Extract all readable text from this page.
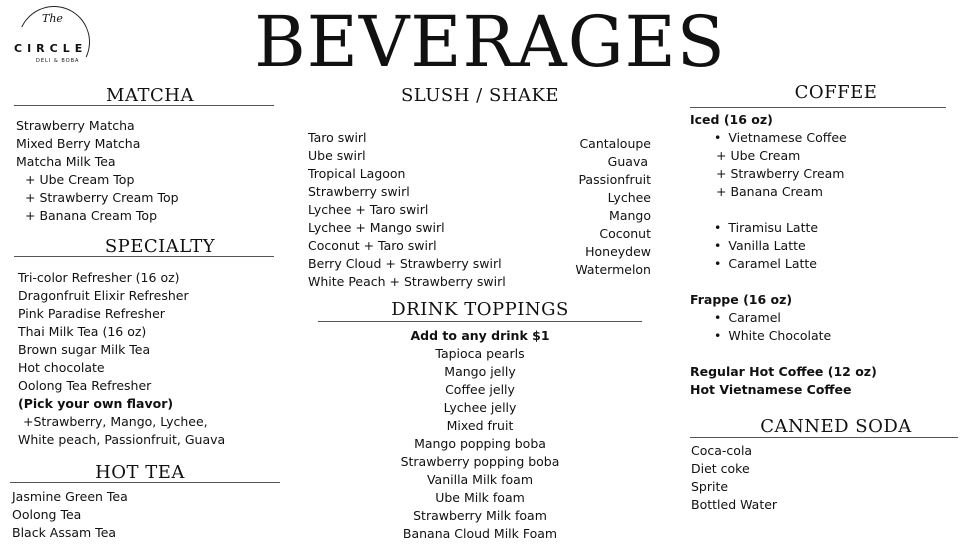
BEVERAGES
The
CIRCLE
DELI & BOBA
MATCHA
Strawberry Matcha
Mixed Berry Matcha
Matcha Milk Tea
+ Ube Cream Top
+ Strawberry Cream Top
+ Banana Cream Top
SPECIALTY
Tri-color Refresher (16 oz)
Dragonfruit Elixir Refresher
Pink Paradise Refresher
Thai Milk Tea (16 oz)
Brown sugar Milk Tea
Hot chocolate
Oolong Tea Refresher
(Pick your own flavor)
+Strawberry, Mango, Lychee,
White peach, Passionfruit, Guava
HOT TEA
Jasmine Green Tea
Oolong Tea
Black Assam Tea
SLUSH / SHAKE
Taro swirl
Ube swirl
Tropical Lagoon
Strawberry swirl
Lychee + Taro swirl
Lychee + Mango swirl
Coconut + Taro swirl
Berry Cloud + Strawberry swirl
White Peach + Strawberry swirl
Cantaloupe
Guava
Passionfruit
Lychee
Mango
Coconut
Honeydew
Watermelon
DRINK TOPPINGS
Add to any drink $1
Tapioca pearls
Mango jelly
Coffee jelly
Lychee jelly
Mixed fruit
Mango popping boba
Strawberry popping boba
Vanilla Milk foam
Ube Milk foam
Strawberry Milk foam
Banana Cloud Milk Foam
COFFEE
Iced (16 oz)
• Vietnamese Coffee
+ Ube Cream
+ Strawberry Cream
+ Banana Cream
• Tiramisu Latte
• Vanilla Latte
• Caramel Latte
Frappe (16 oz)
• Caramel
• White Chocolate
Regular Hot Coffee (12 oz)
Hot Vietnamese Coffee
CANNED SODA
Coca-cola
Diet coke
Sprite
Bottled Water
